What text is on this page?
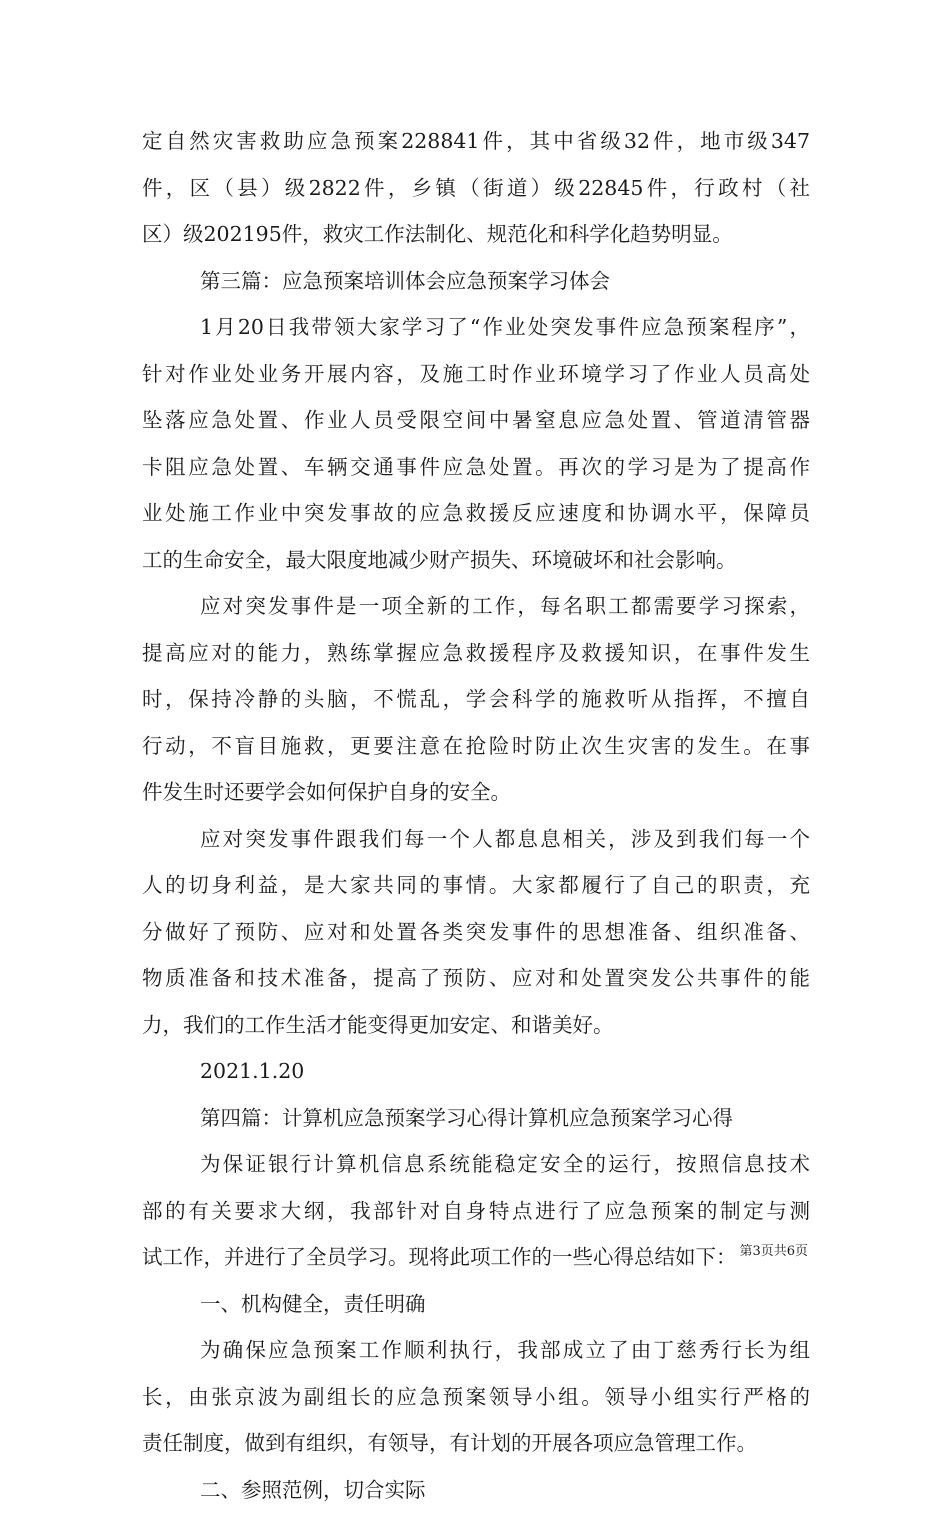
定自然灾害救助应急预案228841件，其中省级32件，地市级347
件，区（县）级2822件，乡镇（街道）级22845件，行政村（社
区）级202195件，救灾工作法制化、规范化和科学化趋势明显。
第三篇：应急预案培训体会应急预案学习体会
1月20日我带领大家学习了“作业处突发事件应急预案程序”，
针对作业处业务开展内容，及施工时作业环境学习了作业人员高处
坠落应急处置、作业人员受限空间中暑窒息应急处置、管道清管器
卡阻应急处置、车辆交通事件应急处置。再次的学习是为了提高作
业处施工作业中突发事故的应急救援反应速度和协调水平，保障员
工的生命安全，最大限度地减少财产损失、环境破坏和社会影响。
应对突发事件是一项全新的工作，每名职工都需要学习探索，
提高应对的能力，熟练掌握应急救援程序及救援知识，在事件发生
时，保持冷静的头脑，不慌乱，学会科学的施救听从指挥，不擅自
行动，不盲目施救，更要注意在抢险时防止次生灾害的发生。在事
件发生时还要学会如何保护自身的安全。
应对突发事件跟我们每一个人都息息相关，涉及到我们每一个
人的切身利益，是大家共同的事情。大家都履行了自己的职责，充
分做好了预防、应对和处置各类突发事件的思想准备、组织准备、
物质准备和技术准备，提高了预防、应对和处置突发公共事件的能
力，我们的工作生活才能变得更加安定、和谐美好。
2021.1.20
第四篇：计算机应急预案学习心得计算机应急预案学习心得
为保证银行计算机信息系统能稳定安全的运行，按照信息技术
部的有关要求大纲，我部针对自身特点进行了应急预案的制定与测
试工作，并进行了全员学习。现将此项工作的一些心得总结如下：
一、机构健全，责任明确
为确保应急预案工作顺利执行，我部成立了由丁慈秀行长为组
长，由张京波为副组长的应急预案领导小组。领导小组实行严格的
责任制度，做到有组织，有领导，有计划的开展各项应急管理工作。
二、参照范例，切合实际
第3页共6页
